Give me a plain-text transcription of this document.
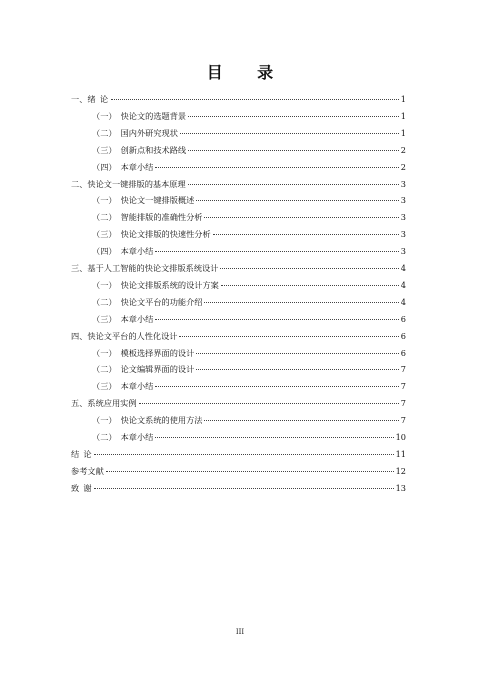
目 录
一、绪 论	1
（一） 快论文的选题背景	1
（二） 国内外研究现状	1
（三） 创新点和技术路线	2
（四） 本章小结	2
二、快论文一键排版的基本原理	3
（一） 快论文一键排版概述	3
（二） 智能排版的准确性分析	3
（三） 快论文排版的快速性分析	3
（四） 本章小结	3
三、基于人工智能的快论文排版系统设计	4
（一） 快论文排版系统的设计方案	4
（二） 快论文平台的功能介绍	4
（三） 本章小结	6
四、快论文平台的人性化设计	6
（一） 模板选择界面的设计	6
（二） 论文编辑界面的设计	7
（三） 本章小结	7
五、系统应用实例	7
（一） 快论文系统的使用方法	7
（二） 本章小结	10
结 论	11
参考文献	12
致 谢	13
III
